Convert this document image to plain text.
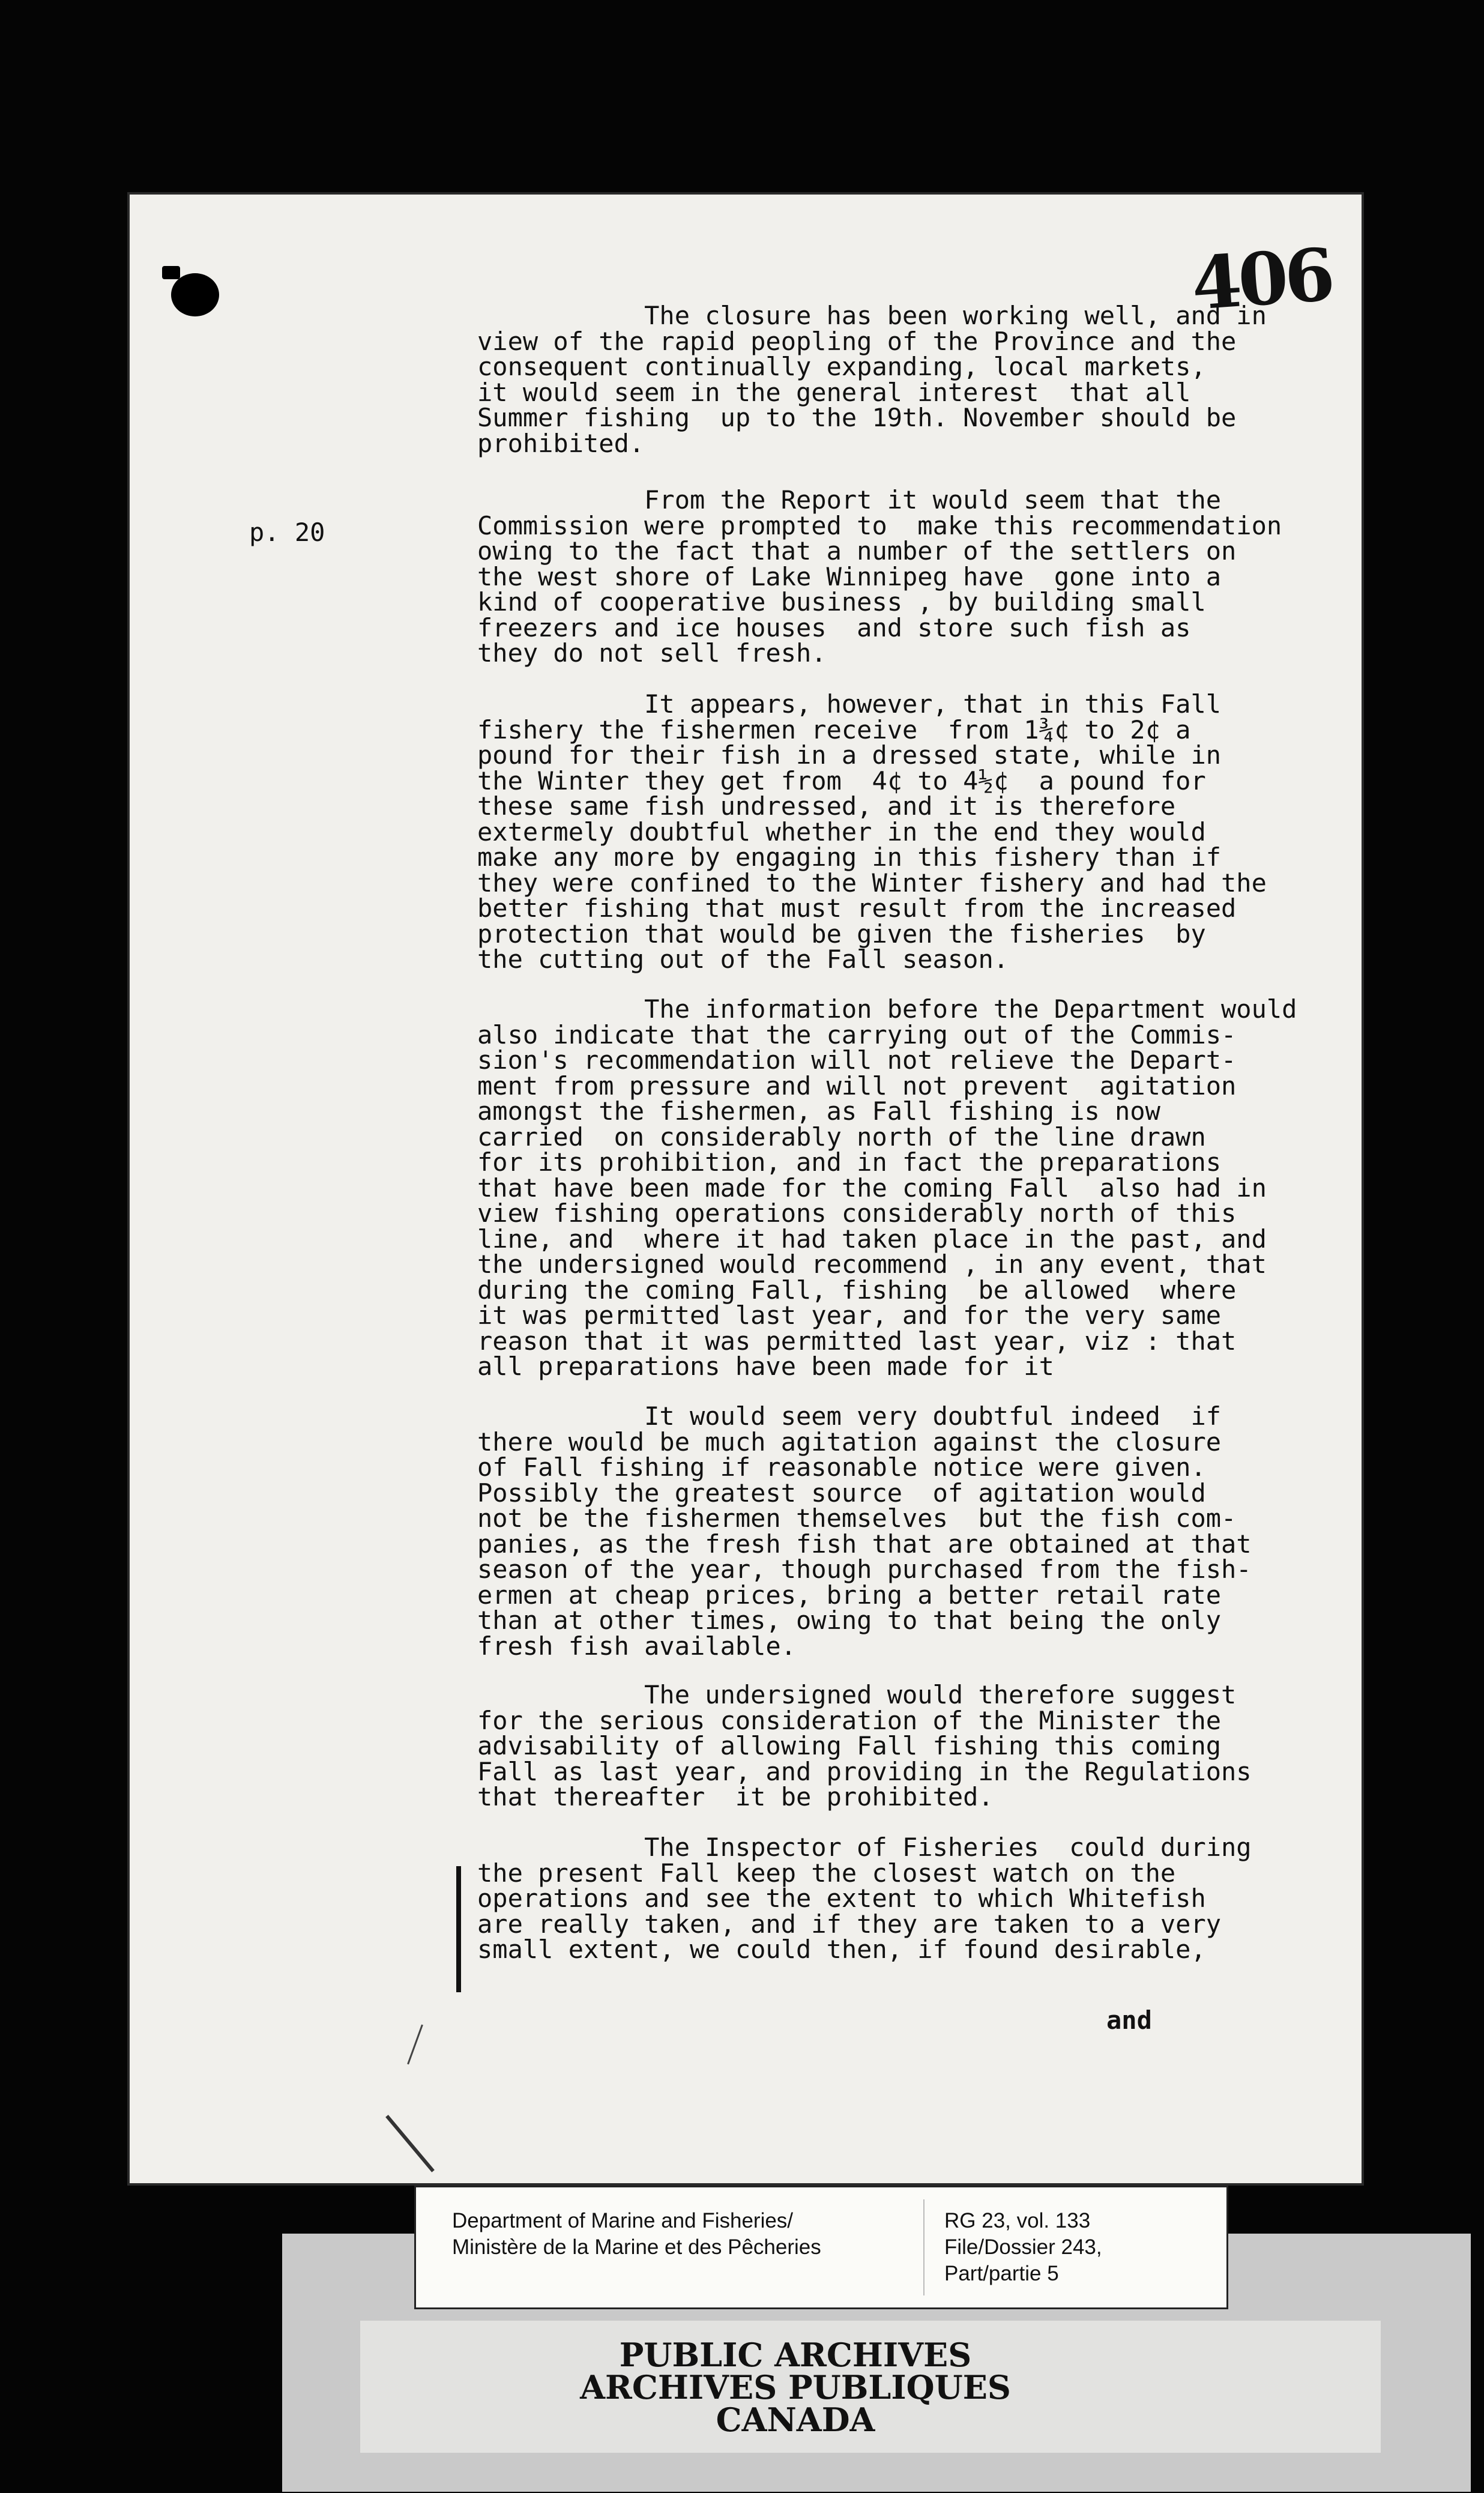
406
p. 20
The closure has been working well, and in
view of the rapid peopling of the Province and the
consequent continually expanding, local markets,
it would seem in the general interest  that all
Summer fishing  up to the 19th. November should be
prohibited.
From the Report it would seem that the
Commission were prompted to  make this recommendation
owing to the fact that a number of the settlers on
the west shore of Lake Winnipeg have  gone into a
kind of cooperative business , by building small
freezers and ice houses  and store such fish as
they do not sell fresh.
It appears, however, that in this Fall
fishery the fishermen receive  from 1¾¢ to 2¢ a
pound for their fish in a dressed state, while in
the Winter they get from  4¢ to 4½¢  a pound for
these same fish undressed, and it is therefore
extermely doubtful whether in the end they would
make any more by engaging in this fishery than if
they were confined to the Winter fishery and had the
better fishing that must result from the increased
protection that would be given the fisheries  by
the cutting out of the Fall season.
The information before the Department would
also indicate that the carrying out of the Commis-
sion's recommendation will not relieve the Depart-
ment from pressure and will not prevent  agitation
amongst the fishermen, as Fall fishing is now
carried  on considerably north of the line drawn
for its prohibition, and in fact the preparations
that have been made for the coming Fall  also had in
view fishing operations considerably north of this
line, and  where it had taken place in the past, and
the undersigned would recommend , in any event, that
during the coming Fall, fishing  be allowed  where
it was permitted last year, and for the very same
reason that it was permitted last year, viz : that
all preparations have been made for it
It would seem very doubtful indeed  if
there would be much agitation against the closure
of Fall fishing if reasonable notice were given.
Possibly the greatest source  of agitation would
not be the fishermen themselves  but the fish com-
panies, as the fresh fish that are obtained at that
season of the year, though purchased from the fish-
ermen at cheap prices, bring a better retail rate
than at other times, owing to that being the only
fresh fish available.
The undersigned would therefore suggest
for the serious consideration of the Minister the
advisability of allowing Fall fishing this coming
Fall as last year, and providing in the Regulations
that thereafter  it be prohibited.
The Inspector of Fisheries  could during
the present Fall keep the closest watch on the
operations and see the extent to which Whitefish
are really taken, and if they are taken to a very
small extent, we could then, if found desirable,
and
Department of Marine and Fisheries/
Ministère de la Marine et des Pêcheries
RG 23, vol. 133
File/Dossier 243,
Part/partie 5
PUBLIC ARCHIVES
ARCHIVES PUBLIQUES
CANADA
